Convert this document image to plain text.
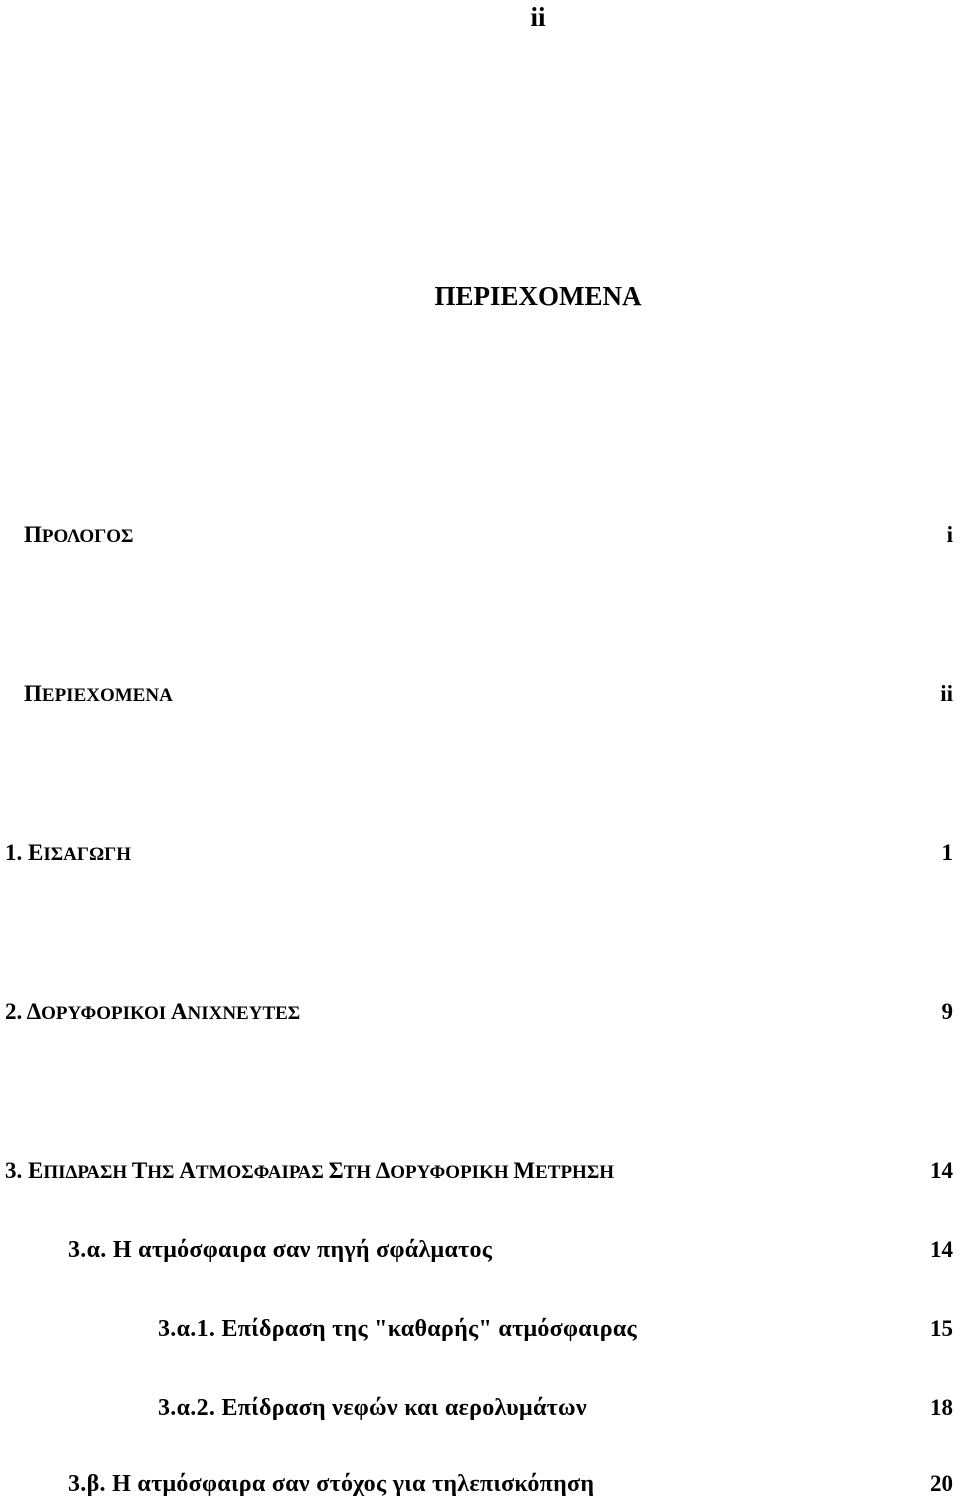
ii
ΠΕΡΙΕΧΟΜΕΝΑ
ΠΡΟΛΟΓΟΣ	i
ΠΕΡΙΕΧΟΜΕΝΑ	ii
1. ΕΙΣΑΓΩΓΗ	1
2. ΔΟΡΥΦΟΡΙΚΟΙ ΑΝΙΧΝΕΥΤΕΣ	9
3. ΕΠΙΔΡΑΣΗ ΤΗΣ ΑΤΜΟΣΦΑΙΡΑΣ ΣΤΗ ΔΟΡΥΦΟΡΙΚΗ ΜΕΤΡΗΣΗ	14
3.α. Η ατμόσφαιρα σαν πηγή σφάλματος	14
3.α.1. Επίδραση της "καθαρής" ατμόσφαιρας	15
3.α.2. Επίδραση νεφών και αερολυμάτων	18
3.β. Η ατμόσφαιρα σαν στόχος για τηλεπισκόπηση	20
